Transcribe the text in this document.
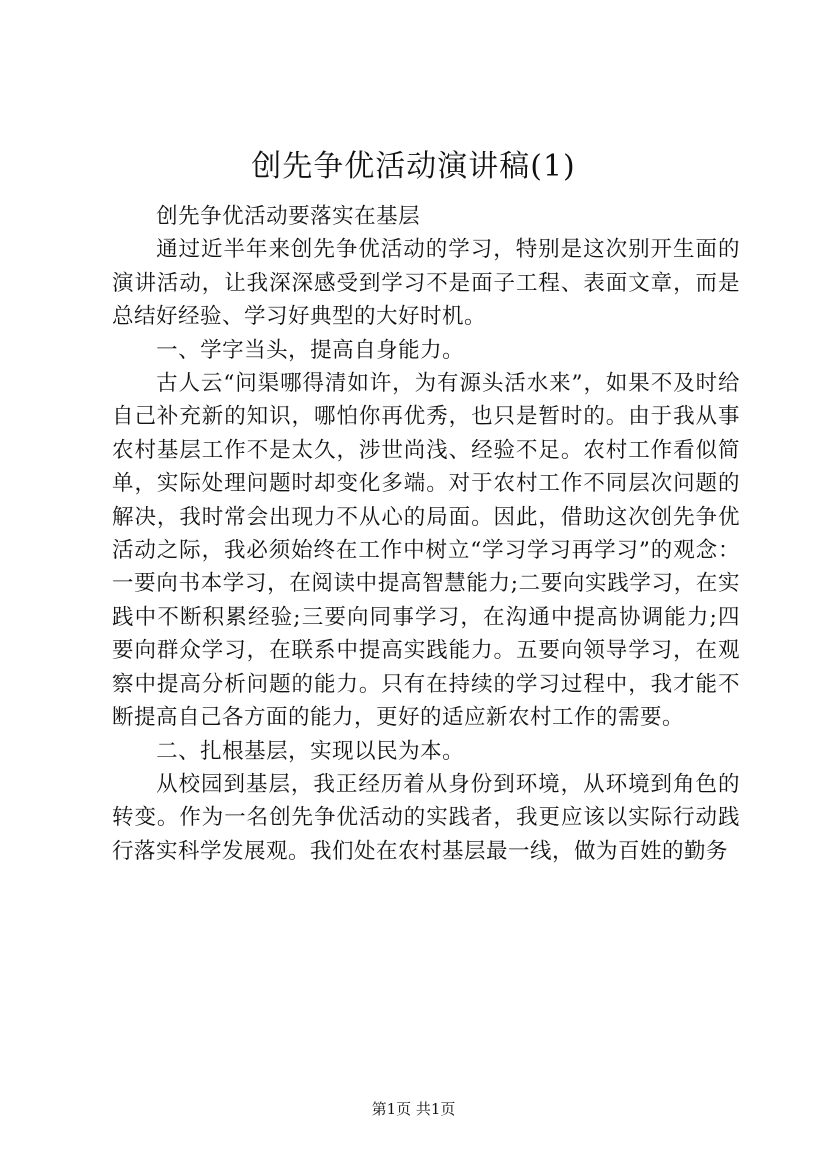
创先争优活动演讲稿(1)

创先争优活动要落实在基层

通过近半年来创先争优活动的学习，特别是这次别开生面的演讲活动，让我深深感受到学习不是面子工程、表面文章，而是总结好经验、学习好典型的大好时机。

一、学字当头，提高自身能力。

古人云“问渠哪得清如许，为有源头活水来”，如果不及时给自己补充新的知识，哪怕你再优秀，也只是暂时的。由于我从事农村基层工作不是太久，涉世尚浅、经验不足。农村工作看似简单，实际处理问题时却变化多端。对于农村工作不同层次问题的解决，我时常会出现力不从心的局面。因此，借助这次创先争优活动之际，我必须始终在工作中树立“学习学习再学习”的观念：一要向书本学习，在阅读中提高智慧能力;二要向实践学习，在实践中不断积累经验;三要向同事学习，在沟通中提高协调能力;四要向群众学习，在联系中提高实践能力。五要向领导学习，在观察中提高分析问题的能力。只有在持续的学习过程中，我才能不断提高自己各方面的能力，更好的适应新农村工作的需要。

二、扎根基层，实现以民为本。

从校园到基层，我正经历着从身份到环境，从环境到角色的转变。作为一名创先争优活动的实践者，我更应该以实际行动践行落实科学发展观。我们处在农村基层最一线，做为百姓的勤务

第1页 共1页
